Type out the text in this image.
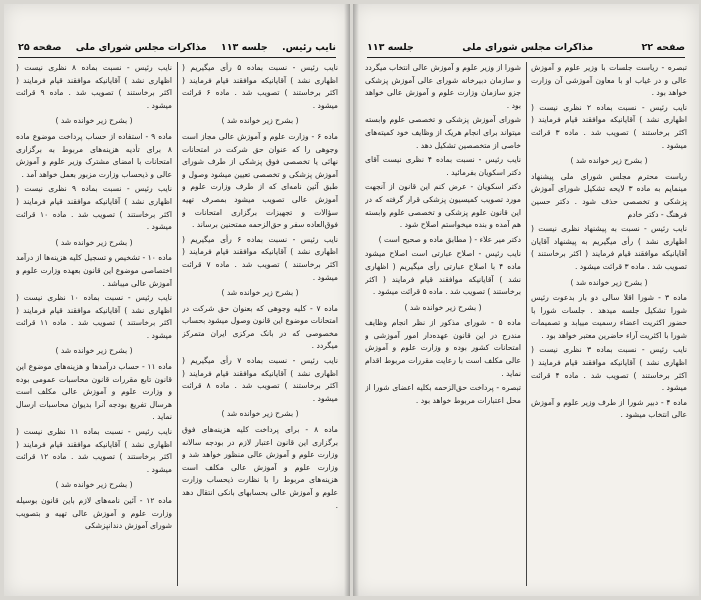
نایب رئیس.
جلسه ۱۱۳
مذاکرات مجلس شورای ملی
صفحه ۲۵
نایب رئیس - نسبت بماده ۵ رأی میگیریم ( اظهاری نشد ) آقایانیکه موافقند قیام فرمایند ( اکثر برخاستند ) تصویب شد . ماده ۶ قرائت میشود .
( بشرح زیر خوانده شد )
ماده ۶ - وزارت علوم و آموزش عالی مجاز است وجوهی را که عنوان حق شرکت در امتحانات نهائی یا تخصصی فوق پزشکی از طرف شورای آموزش پزشکی و تخصصی تعیین میشود وصول و طبق آئین نامه‌ای که از طرف وزارت علوم و آموزش عالی تصویب میشود بمصرف تهیه سؤالات و تجهیزات برگزاری امتحانات و فوق‌العاده سفر و حق‌الزحمه ممتحنین برساند .
نایب رئیس - نسبت بماده ۶ رأی میگیریم ( اظهاری نشد ) آقایانیکه موافقند قیام فرمایند ( اکثر برخاستند ) تصویب شد . ماده ۷ قرائت میشود .
( بشرح زیر خوانده شد )
ماده ۷ - کلیه وجوهی که بعنوان حق شرکت در امتحانات موضوع این قانون وصول میشود بحساب مخصوصی که در بانک مرکزی ایران متمرکز میگردد .
نایب رئیس - نسبت بماده ۷ رأی میگیریم ( اظهاری نشد ) آقایانیکه موافقند قیام فرمایند ( اکثر برخاستند ) تصویب شد . ماده ۸ قرائت میشود .
( بشرح زیر خوانده شد )
ماده ۸ - برای پرداخت کلیه هزینه‌های فوق برگزاری این قانون اعتبار لازم در بودجه سالانه وزارت علوم و آموزش عالی منظور خواهد شد و وزارت علوم و آموزش عالی مکلف است هزینه‌های مربوط را با نظارت ذیحساب وزارت علوم و آموزش عالی بحسابهای بانکی انتقال دهد .
نایب رئیس - نسبت بماده ۸ نظری نیست ( اظهاری نشد ) آقایانیکه موافقند قیام فرمایند ( اکثر برخاستند ) تصویب شد . ماده ۹ قرائت میشود .
( بشرح زیر خوانده شد )
ماده ۹ - استفاده از حساب پرداخت موضوع ماده ۸ برای تأدیه هزینه‌های مربوط به برگزاری امتحانات با امضای مشترک وزیر علوم و آموزش عالی و ذیحساب وزارت مزبور بعمل خواهد آمد .
نایب رئیس - نسبت بماده ۹ نظری نیست ( اظهاری نشد ) آقایانیکه موافقند قیام فرمایند ( اکثر برخاستند ) تصویب شد . ماده ۱۰ قرائت میشود .
( بشرح زیر خوانده شد )
ماده ۱۰ - تشخیص و تسجیل کلیه هزینه‌ها از درآمد اختصاصی موضوع این قانون بعهده وزارت علوم و آموزش عالی میباشد .
نایب رئیس - نسبت بماده ۱۰ نظری نیست ( اظهاری نشد ) آقایانیکه موافقند قیام فرمایند ( اکثر برخاستند ) تصویب شد . ماده ۱۱ قرائت میشود .
( بشرح زیر خوانده شد )
ماده ۱۱ - حساب درآمدها و هزینه‌های موضوع این قانون تابع مقررات قانون محاسبات عمومی بوده و وزارت علوم و آموزش عالی مکلف است هرسال تفریغ بودجه آنرا بدیوان محاسبات ارسال نماید .
نایب رئیس - نسبت بماده ۱۱ نظری نیست ( اظهاری نشد ) آقایانیکه موافقند قیام فرمایند ( اکثر برخاستند ) تصویب شد . ماده ۱۲ قرائت میشود .
( بشرح زیر خوانده شد )
ماده ۱۲ - آئین نامه‌های لازم باین قانون بوسیله وزارت علوم و آموزش عالی تهیه و بتصویب شورای آموزش دندانپزشکی
صفحه ۲۲
مذاکرات مجلس شورای ملی
جلسه ۱۱۳
تبصره - ریاست جلسات با وزیر علوم و آموزش عالی و در غیاب او با معاون آموزشی آن وزارت خواهد بود .
نایب رئیس - نسبت بماده ۲ نظری نیست ( اظهاری نشد ) آقایانیکه موافقند قیام فرمایند ( اکثر برخاستند ) تصویب شد . ماده ۳ قرائت میشود .
( بشرح زیر خوانده شد )
ریاست محترم مجلس شورای ملی پیشنهاد مینمایم به ماده ۳ لایحه تشکیل شورای آموزش پزشکی و تخصصی حذف شود . دکتر حسین فرهنگ - دکتر خادم
نایب رئیس - نسبت به پیشنهاد نظری نیست ( اظهاری نشد ) رأی میگیریم به پیشنهاد آقایان آقایانیکه موافقند قیام فرمایند ( اکثر برخاستند ) تصویب شد . ماده ۳ قرائت میشود .
( بشرح زیر خوانده شد )
ماده ۳ - شورا اقلا سالی دو بار بدعوت رئیس شورا تشکیل جلسه میدهد . جلسات شورا با حضور اکثریت اعضاء رسمیت مییابد و تصمیمات شورا با اکثریت آراء حاضرین معتبر خواهد بود .
نایب رئیس - نسبت بماده ۳ نظری نیست ( اظهاری نشد ) آقایانیکه موافقند قیام فرمایند ( اکثر برخاستند ) تصویب شد . ماده ۴ قرائت میشود .
ماده ۴ - دبیر شورا از طرف وزیر علوم و آموزش عالی انتخاب میشود .
شورا از وزیر علوم و آموزش عالی انتخاب میگردد و سازمان دبیرخانه شورای عالی آموزش پزشکی جزو سازمان وزارت علوم و آموزش عالی خواهد بود .
شورای آموزش پزشکی و تخصصی علوم وابسته میتواند برای انجام هریک از وظایف خود کمیته‌های خاصی از متخصصین تشکیل دهد .
نایب رئیس - نسبت بماده ۴ نظری نیست آقای دکتر اسکویان بفرمائید .
دکتر اسکویان - عرض کنم این قانون از آنجهت مورد تصویب کمیسیون پزشکی قرار گرفته که در این قانون علوم پزشکی و تخصصی علوم وابسته هم آمده و بنده میخواستم اصلاح شود .
دکتر میر علاء - ( مطابق ماده و صحیح است )
نایب رئیس - اصلاح عبارتی است اصلاح میشود ماده ۴ با اصلاح عبارتی رأی میگیریم ( اظهاری نشد ) آقایانیکه موافقند قیام فرمایند ( اکثر برخاستند ) تصویب شد . ماده ۵ قرائت میشود .
( بشرح زیر خوانده شد )
ماده ۵ - شورای مذکور از نظر انجام وظایف مندرج در این قانون عهده‌دار امور آموزشی و امتحانات کشور بوده و وزارت علوم و آموزش عالی مکلف است با رعایت مقررات مربوط اقدام نماید .
تبصره - پرداخت حق‌الزحمه بکلیه اعضای شورا از محل اعتبارات مربوط خواهد بود .
